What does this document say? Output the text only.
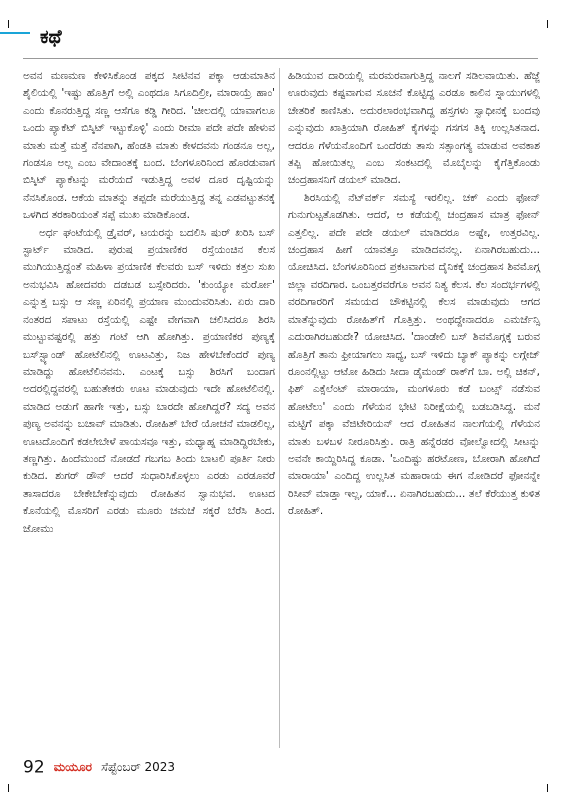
ಕಥೆ

ಅವನ ಮಣಮಣ ಕೇಳಿಸಿಕೊಂಡ ಪಕ್ಕದ ಸೀಟಿನವ ಪಕ್ಕಾ ಆಡುಮಾತಿನ ಶೈಲಿಯಲ್ಲಿ 'ಇಷ್ಟು ಹೊತ್ತಿಗೆ ಅಲ್ಲಿ ಎಂಥದೂ ಸಿಗೂದಿಲ್ರೀ, ಮಾರಾಯ್ರೆ ಹಾಂ' ಎಂದು ಕೊನರುತ್ತಿದ್ದ ಸಣ್ಣ ಆಸೆಗೂ ಕಡ್ಡಿ ಗೀರಿದ. 'ಚೀಲದಲ್ಲಿ ಯಾವಾಗಲೂ ಒಂದು ಪ್ಯಾಕೆಟ್ ಬಿಸ್ಕಿಟ್ ಇಟ್ಟುಕೊಳ್ಳಿ' ಎಂದು ರೀಮಾ ಪದೇ ಪದೇ ಹೇಳುವ ಮಾತು ಮತ್ತೆ ಮತ್ತೆ ನೆನಪಾಗಿ, ಹೆಂಡತಿ ಮಾತು ಕೇಳದವನು ಗಂಡನೂ ಅಲ್ಲ, ಗಂಡಸೂ ಅಲ್ಲ ಎಂಬ ವೇದಾಂತಕ್ಕೆ ಬಂದ. ಬೆಂಗಳೂರಿನಿಂದ ಹೊರಡುವಾಗ ಬಿಸ್ಕಿಟ್ ಪ್ಯಾಕೆಟನ್ನು ಮರೆಯದೆ ಇಡುತ್ತಿದ್ದ ಅವಳ ದೂರ ದೃಷ್ಟಿಯನ್ನು ನೆನಸಿಕೊಂಡ. ಆಕೆಯ ಮಾತನ್ನು ತಪ್ಪದೇ ಮರೆಯುತ್ತಿದ್ದ ತನ್ನ ಎಡವಟ್ಟುತನಕ್ಕೆ ಒಳಗಿದ ತರಕಾರಿಯಂತೆ ಸಪ್ಪೆ ಮುಖ ಮಾಡಿಕೊಂಡ.

ಅರ್ಧ ಘಂಟೆಯಲ್ಲಿ ಡ್ರೈವರ್, ಟಯರನ್ನು ಬದಲಿಸಿ ಷುರ್ ಖರಿಸಿ ಬಸ್ ಸ್ಟಾರ್ಟ್ ಮಾಡಿದ. ಪುರುಷ ಪ್ರಯಾಣಿಕರ ರಸ್ತೆಯಂಚಿನ ಕೆಲಸ ಮುಗಿಯುತ್ತಿದ್ದಂತೆ ಮಹಿಳಾ ಪ್ರಯಾಣಿಕ ಕೆಲವರು ಬಸ್ ಇಳಿದು ಕತ್ತಲ ಸುಖ ಅನುಭವಿಸಿ ಹೋದವರು ದಡಬಡ ಬಸ್ಸೇರಿದರು. 'ಕುಂಯ್ಯೋ ಮರ್ರೋ' ಎನ್ನುತ್ತ ಬಸ್ಸು ಆ ಸಣ್ಣ ಏರಿನಲ್ಲಿ ಪ್ರಯಾಣ ಮುಂದುವರಿಸಿತು. ಏರು ದಾರಿ ನಂತರದ ಸಪಾಟು ರಸ್ತೆಯಲ್ಲಿ ಎಷ್ಟೇ ವೇಗವಾಗಿ ಚಲಿಸಿದರೂ ಶಿರಸಿ ಮುಟ್ಟುವಷ್ಟರಲ್ಲಿ ಹತ್ತು ಗಂಟೆ ಆಗಿ ಹೋಗಿತ್ತು. ಪ್ರಯಾಣಿಕರ ಪುಣ್ಯಕ್ಕೆ ಬಸ್‌ಸ್ಟ್ಯಾಂಡ್ ಹೋಟೆಲಿನಲ್ಲಿ ಊಟವಿತ್ತು, ನಿಜ ಹೇಳಬೇಕೆಂದರೆ ಪುಣ್ಯ ಮಾಡಿದ್ದು ಹೋಟೆಲಿನವನು. ಎಂಟಕ್ಕೆ ಬಸ್ಸು ಶಿರಸಿಗೆ ಬಂದಾಗ ಅದರಲ್ಲಿದ್ದವರಲ್ಲಿ ಬಹುತೇಕರು ಊಟ ಮಾಡುವುದು ಇದೇ ಹೋಟೆಲಿನಲ್ಲಿ. ಮಾಡಿದ ಅಡುಗೆ ಹಾಗೇ ಇತ್ತು, ಬಸ್ಸು ಬಾರದೇ ಹೋಗಿದ್ದರೆ? ಸದ್ಯ ಅವನ ಪುಣ್ಯ ಅವನನ್ನು ಬಚಾವ್ ಮಾಡಿತು. ರೋಹಿತ್ ಬೇರೆ ಯೋಚನೆ ಮಾಡಲಿಲ್ಲ, ಊಟದೊಂದಿಗೆ ಕಡಲೇಬೇಳೆ ಪಾಯಸವೂ ಇತ್ತು, ಮಧ್ಯಾಹ್ನ ಮಾಡಿದ್ದಿರಬೇಕು, ತಣ್ಣಗಿತ್ತು. ಹಿಂದೆಮುಂದೆ ನೋಡದೆ ಗಬಗಬ ತಿಂದು ಬಾಟಲಿ ಪೂರ್ತಿ ನೀರು ಕುಡಿದ. ಶುಗರ್ ಡೌನ್ ಆದರೆ ಸುಧಾರಿಸಿಕೊಳ್ಳಲು ಎರಡು ಎರಡೂವರೆ ತಾಸಾದರೂ ಬೇಕೇಬೇಕೆನ್ನುವುದು ರೋಹಿತನ ಸ್ವಾನುಭವ. ಊಟದ ಕೊನೆಯಲ್ಲಿ ಮೊಸರಿಗೆ ಎರಡು ಮೂರು ಚಮಚೆ ಸಕ್ಕರೆ ಬೆರೆಸಿ ತಿಂದ. ಜೋಮು

ಹಿಡಿಯುವ ದಾರಿಯಲ್ಲಿ ಮರಮರವಾಗುತ್ತಿದ್ದ ನಾಲಗೆ ಸಡಿಲವಾಯಿತು. ಹೆಜ್ಜೆ ಊರುವುದು ಕಷ್ಟವಾಗುವ ಸೂಚನೆ ಕೊಟ್ಟಿದ್ದ ಎರಡೂ ಕಾಲಿನ ಸ್ನಾಯುಗಳಲ್ಲಿ ಚೇತರಿಕೆ ಕಾಣಿಸಿತು. ಅದುರಲಾರಂಭವಾಗಿದ್ದ ಹಸ್ತಗಳು ಸ್ವಾಧೀನಕ್ಕೆ ಬಂದವು ಎನ್ನುವುದು ಖಾತ್ರಿಯಾಗಿ ರೋಹಿತ್ ಕೈಗಳನ್ನು ಗಸಗಸ ತಿಕ್ಕಿ ಉಲ್ಲಸಿತನಾದ. ಆದರೂ ಗೆಳೆಯನೊಂದಿಗೆ ಒಂದೆರಡು ತಾಸು ಸತ್ಸಾಂಗತ್ಯ ಮಾಡುವ ಅವಕಾಶ ತಪ್ಪಿ ಹೋಯಿತಲ್ಲ ಎಂಬ ಸಂಕಟದಲ್ಲಿ ಮೊಬೈಲನ್ನು ಕೈಗೆತ್ತಿಕೊಂಡು ಚಂದ್ರಹಾಸನಿಗೆ ಡಯಲ್ ಮಾಡಿದ.

ಶಿರಸಿಯಲ್ಲಿ ನೆಟ್‌ವರ್ಕ್ ಸಮಸ್ಯೆ ಇರಲಿಲ್ಲ. ಚಕ್ ಎಂದು ಫೋನ್ ಗುನುಗುಟ್ಟತೊಡಗಿತು. ಆದರೆ, ಆ ಕಡೆಯಲ್ಲಿ ಚಂದ್ರಹಾಸ ಮಾತ್ರ ಫೋನ್ ಎತ್ತಲಿಲ್ಲ. ಪದೇ ಪದೇ ಡಯಲ್ ಮಾಡಿದರೂ ಅಷ್ಟೇ, ಉತ್ತರವಿಲ್ಲ. ಚಂದ್ರಹಾಸ ಹೀಗೆ ಯಾವತ್ತೂ ಮಾಡಿದವನಲ್ಲ. ಏನಾಗಿರಬಹುದು... ಯೋಚಿಸಿದ. ಬೆಂಗಳೂರಿನಿಂದ ಪ್ರಕಟವಾಗುವ ದೈನಿಕಕ್ಕೆ ಚಂದ್ರಹಾಸ ಶಿವಮೊಗ್ಗ ಜಿಲ್ಲಾ ವರದಿಗಾರ. ಒಂಬತ್ತರವರೆಗೂ ಅವನ ನಿತ್ಯ ಕೆಲಸ. ಕೆಲ ಸಂದರ್ಭಗಳಲ್ಲಿ ವರದಿಗಾರರಿಗೆ ಸಮಯದ ಚೌಕಟ್ಟಿನಲ್ಲಿ ಕೆಲಸ ಮಾಡುವುದು ಆಗದ ಮಾತೆನ್ನುವುದು ರೋಹಿತ್‌ಗೆ ಗೊತ್ತಿತ್ತು. ಅಂಥದ್ದೇನಾದರೂ ಎಮರ್ಜೆನ್ಸಿ ಎದುರಾಗಿರಬಹುದೇ? ಯೋಚಿಸಿದ. 'ದಾಂಡೇಲಿ ಬಸ್ ಶಿವಮೊಗ್ಗಕ್ಕೆ ಬರುವ ಹೊತ್ತಿಗೆ ತಾನು ಫ್ರೀಯಾಗಲು ಸಾಧ್ಯ, ಬಸ್ ಇಳಿದು ಬ್ಯಾಕ್ ಪ್ಯಾಕನ್ನು ಲಗ್ಗೇಜ್ ರೂಂನಲ್ಲಿಟ್ಟು ಆಟೋ ಹಿಡಿದು ಸೀದಾ ಡೈಮಂಡ್ ರಾಕ್‌ಗೆ ಬಾ. ಅಲ್ಲಿ ಚಿಕನ್, ಫಿಶ್ ಎಕ್ಸೆಲೆಂಟ್ ಮಾರಾಯಾ, ಮಂಗಳೂರು ಕಡೆ ಬಂಟ್ಸ್ ನಡೆಸುವ ಹೋಟೆಲು' ಎಂದು ಗೆಳೆಯನ ಭೇಟಿ ನಿರೀಕ್ಷೆಯಲ್ಲಿ ಬಡಬಡಿಸಿದ್ದ. ಮನೆ ಮಟ್ಟಿಗೆ ಪಕ್ಕಾ ವೆಜಿಟೇರಿಯನ್ ಆದ ರೋಹಿತನ ನಾಲಗೆಯಲ್ಲಿ ಗೆಳೆಯನ ಮಾತು ಬಳಬಳ ನೀರೂರಿಸಿತ್ತು. ರಾತ್ರಿ ಹನ್ನೆರಡರ ವೋಲ್ವೋದಲ್ಲಿ ಸೀಟನ್ನು ಅವನೇ ಕಾಯ್ದಿರಿಸಿದ್ದ ಕೂಡಾ. 'ಒಂದಿಷ್ಟು ಹರಟೋಣ, ಬೋರಾಗಿ ಹೋಗಿದೆ ಮಾರಾಯಾ' ಎಂದಿದ್ದ ಉಲ್ಲಸಿತ ಮಹಾರಾಯ ಈಗ ನೋಡಿದರೆ ಫೋನನ್ನೇ ರಿಸೀವ್ ಮಾಡ್ತಾ ಇಲ್ಲ, ಯಾಕೆ... ಏನಾಗಿರಬಹುದು... ತಲೆ ಕೆರೆಯುತ್ತ ಕುಳಿತ ರೋಹಿತ್.

92 ಮಯೂರ ಸೆಪ್ಟೆಂಬರ್ 2023
